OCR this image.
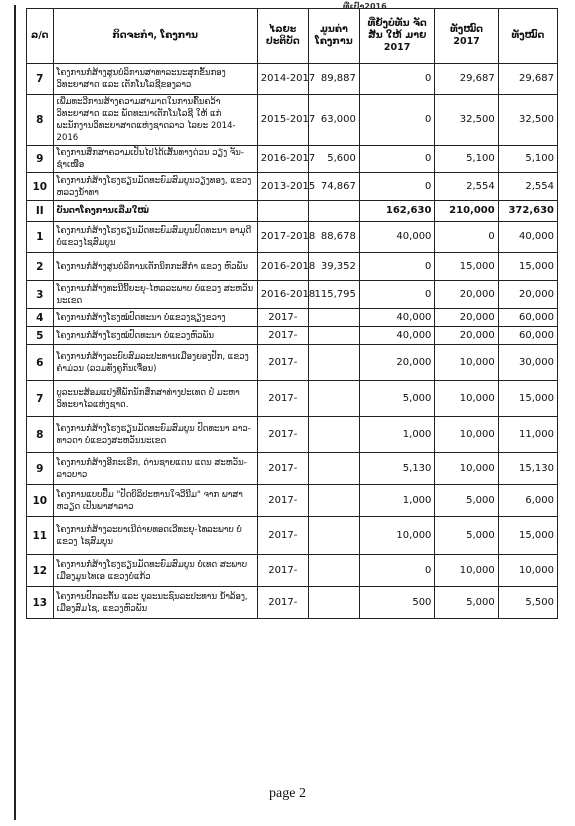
ທີ່ເປົາ2016
ລ/ດ	ກິດຈະກຳ, ໂຄງການ	ໄລຍະ ປະຕິບັດ	ມູນຄ່າ ໂຄງການ	ທີ່ຍັງບໍ່ທັນ ຈັດສັນ ໃຫ້ ມາຍ 2017	ທັງໝົດ 2017	ທັງໝົດ
7	ໂຄງການກໍ່ສ້າງສູນບໍລິການສາທາລະນະສຸກຂັ້ນກອງ ວິທະຍາສາດ ແລະ ເຕັກໂນໂລຊີຂອງລາວ	2014-2017	89,887	0	29,687	29,687
8	ເພີ່ມທະວີການສ້າງຄວາມສາມາດໃນການຄົ້ນຄວ້າ ວິທະຍາສາດ ແລະ ພັດທະນາເຕັກໂນໂລຊີ ໃຫ້ ແກ່ພະນັກງານວິທະຍາສາດແຫ່ງຊາດລາວ ໄລຍະ 2014-2016	2015-2017	63,000	0	32,500	32,500
9	ໂຄງການສຶກສາຄວາມເປັນໄປໄດ້ເສັ້ນທາງດ່ວນ ວຽງ ຈັນ-ຊຳເໜືອ	2016-2017	5,600	0	5,100	5,100
10	ໂຄງການກໍ່ສ້າງໂຮງຮຽນມັດທະຍົມສົມບູນວຽງທອງ, ແຂວງຫລວງນ້ຳທາ	2013-2015	74,867	0	2,554	2,554
II	ບັນດາໂຄງການເລີ່ມໃໝ່			162,630	210,000	372,630
1	ໂຄງການກໍ່ສ້າງໂຮງຮຽນມັດທະຍົມສົມບູນປົດທະນາ ອາມຸດີ ບໍ່ແຂວງໄຊສົມບູນ	2017-2018	88,678	40,000	0	40,000
2	ໂຄງການກໍ່ສ້າງສູນບໍລິການເຕັກນິກກະສິກຳ ແຂວງ ຫົວພັນ	2016-2018	39,352	0	15,000	15,000
3	ໂຄງການກໍ່ສ້າງທະນີນີ້ຍະຍຸ-ໄຫລລະພາບ ບໍ່ແຂວງ ສະຫວັນນະເຂດ	2016-2018	115,795	0	20,000	20,000
4	ໂຄງການກໍ່ສ້າງໂຮງໝໍປົດທະນາ ບໍ່ແຂວງຊຽງຂວາງ	2017-		40,000	20,000	60,000
5	ໂຄງການກໍ່ສ້າງໂຮງໝໍປົດທະນາ ບໍ່ແຂວງຫົວພັນ	2017-		40,000	20,000	60,000
6	ໂຄງການກໍ່ສ້າງລະບົບສົມລະປະທານເມືອງຍອງປັກ, ແຂວງ ຄຳມ່ວນ (ລວມທັງຄູກັນເຈື່ອນ)	2017-		20,000	10,000	30,000
7	ບູລະນະສ້ອມແປງທີ່ພັກນັກສຶກສາທ່າງປະເທດ ປໍ່ ມະຫາ ວິທະຍາໄລແຫ່ງຊາດ.	2017-		5,000	10,000	15,000
8	ໂຄງການກໍ່ສ້າງໂຮງຮຽນມັດທະຍົມສົມບູນ ປົດທະນາ ລາວ-ທາວດາ ບໍ່ແຂວງສະຫວັນນະເຂດ	2017-		1,000	10,000	11,000
9	ໂຄງການກໍ່ສ້າງອີກະເຣີກ, ດ່ານຊາຍແດນ ແດນ ສະຫວັນ-ລາວບາວ	2017-		5,130	10,000	15,130
10	ໂຄງການແບບປຶ້ມ "ປັດບິລິປະຫານໃຈວີນີມ" ຈາກ ພາສາຫວຽດ ເປັນພາສາລາວ	2017-		1,000	5,000	6,000
11	ໂຄງການກໍ່ສ້າງລະບາເນີດ່າຍທອດເວີທະຍຸ-ໄທລະພາບ ບໍ່ແຂວງ ໄຊສົມບູນ	2017-		10,000	5,000	15,000
12	ໂຄງການກໍ່ສ້າງໂຮງຮຽນມັດທະຍົມສົມບູນ ບໍ່ເທດ ສະພາບເມືອງມູນໄທເອ ແຂວງບໍ່ແກ້ວ	2017-		0	10,000	10,000
13	ໂຄງການປົກລະຕັ້ນ ແລະ ບູລະນະຊົນລະປະທານ ນ້ຳລ້ອງ, ເມືອງສົມໄຊ, ແຂວງຫົວພັນ	2017-		500	5,000	5,500
page 2
